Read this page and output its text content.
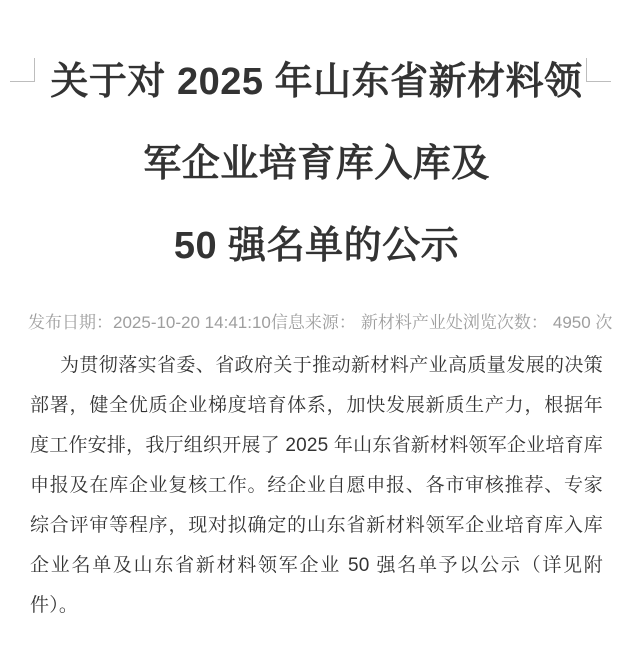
关于对 2025 年山东省新材料领
军企业培育库入库及
50 强名单的公示
发布日期：2025-10-20 14:41:10信息来源： 新材料产业处浏览次数： 4950 次

为贯彻落实省委、省政府关于推动新材料产业高质量发展的决策部署，健全优质企业梯度培育体系，加快发展新质生产力，根据年度工作安排，我厅组织开展了 2025 年山东省新材料领军企业培育库申报及在库企业复核工作。经企业自愿申报、各市审核推荐、专家综合评审等程序，现对拟确定的山东省新材料领军企业培育库入库企业名单及山东省新材料领军企业 50 强名单予以公示（详见附件）。
